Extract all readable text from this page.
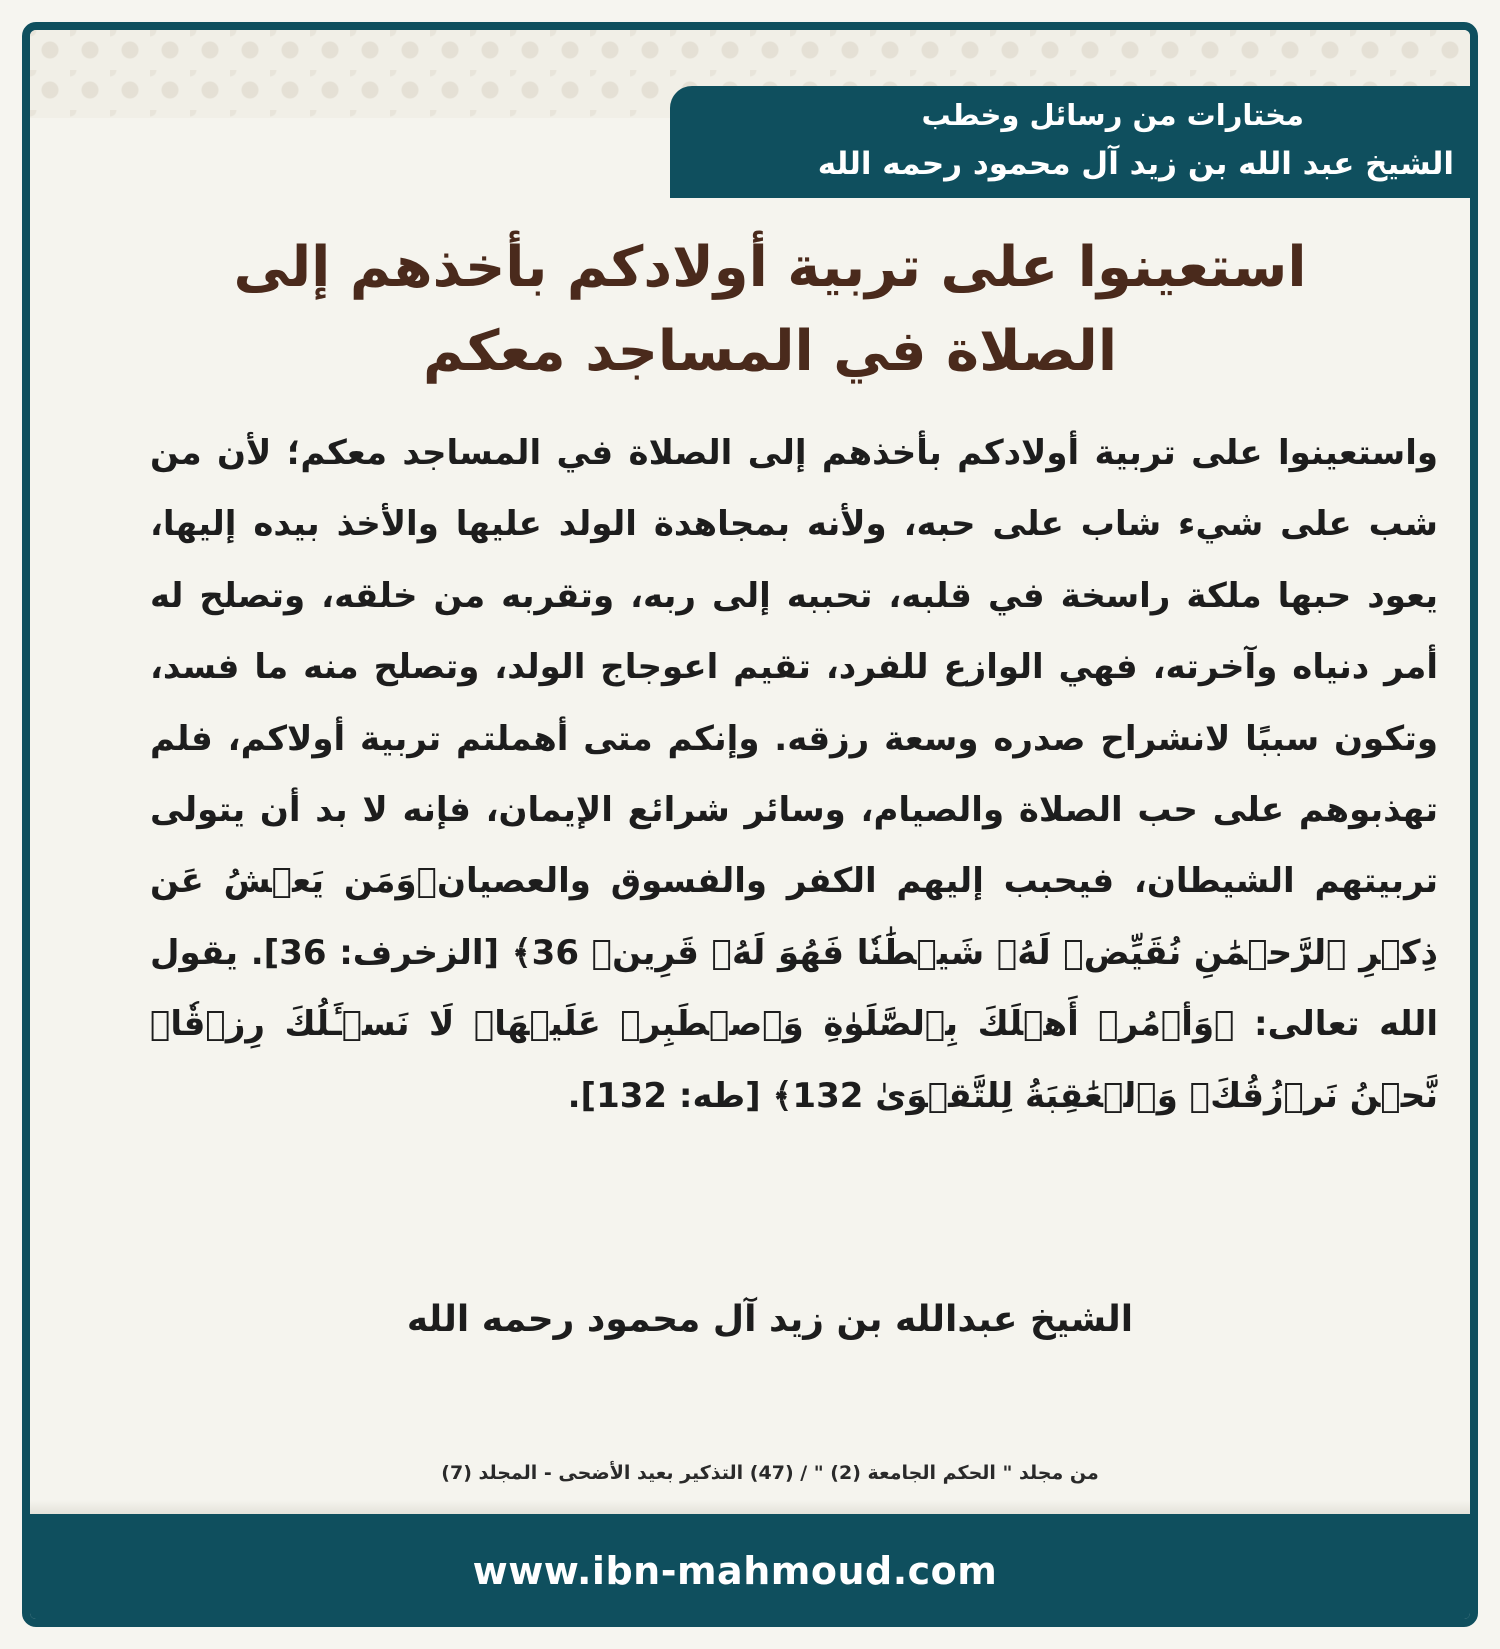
مختارات من رسائل وخطب
الشيخ عبد الله بن زيد آل محمود رحمه الله
استعينوا على تربية أولادكم بأخذهم إلى
الصلاة في المساجد معكم
واستعينوا على تربية أولادكم بأخذهم إلى الصلاة في المساجد معكم؛ لأن من شب على شيء شاب على حبه، ولأنه بمجاهدة الولد عليها والأخذ بيده إليها، يعود حبها ملكة راسخة في قلبه، تحببه إلى ربه، وتقربه من خلقه، وتصلح له أمر دنياه وآخرته، فهي الوازع للفرد، تقيم اعوجاج الولد، وتصلح منه ما فسد، وتكون سببًا لانشراح صدره وسعة رزقه. وإنكم متى أهملتم تربية أولاكم، فلم تهذبوهم على حب الصلاة والصيام، وسائر شرائع الإيمان، فإنه لا بد أن يتولى تربيتهم الشيطان، فيحبب إليهم الكفر والفسوق والعصيان﴿وَمَن يَعۡشُ عَن ذِكۡرِ ٱلرَّحۡمَٰنِ نُقَيِّضۡ لَهُۥ شَيۡطَٰنٗا فَهُوَ لَهُۥ قَرِينٞ 36﴾ [الزخرف: 36]. يقول الله تعالى: ﴿وَأۡمُرۡ أَهۡلَكَ بِٱلصَّلَوٰةِ وَٱصۡطَبِرۡ عَلَيۡهَاۖ لَا نَسۡـَٔلُكَ رِزۡقٗاۖ نَّحۡنُ نَرۡزُقُكَۗ وَٱلۡعَٰقِبَةُ لِلتَّقۡوَىٰ 132﴾ [طه: 132].
الشيخ عبدالله بن زيد آل محمود رحمه الله
من مجلد " الحكم الجامعة (2) " / (47) التذكير بعيد الأضحى - المجلد (7)
www.ibn-mahmoud.com
